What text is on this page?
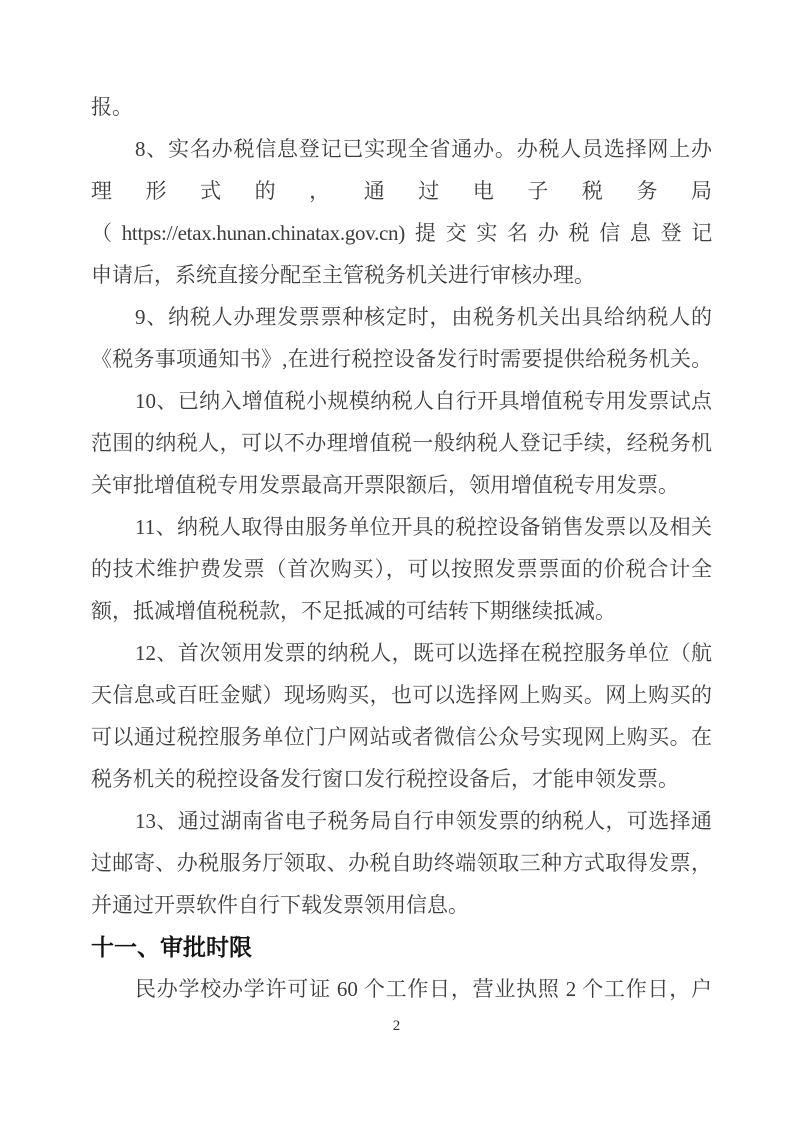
报。
8、实名办税信息登记已实现全省通办。办税人员选择网上办
理形式的，通过电子税务局
（https://etax.hunan.chinatax.gov.cn)提交实名办税信息登记
申请后，系统直接分配至主管税务机关进行审核办理。
9、纳税人办理发票票种核定时，由税务机关出具给纳税人的
《税务事项通知书》,在进行税控设备发行时需要提供给税务机关。
10、已纳入增值税小规模纳税人自行开具增值税专用发票试点
范围的纳税人，可以不办理增值税一般纳税人登记手续，经税务机
关审批增值税专用发票最高开票限额后，领用增值税专用发票。
11、纳税人取得由服务单位开具的税控设备销售发票以及相关
的技术维护费发票（首次购买），可以按照发票票面的价税合计全
额，抵减增值税税款，不足抵减的可结转下期继续抵减。
12、首次领用发票的纳税人，既可以选择在税控服务单位（航
天信息或百旺金赋）现场购买，也可以选择网上购买。网上购买的
可以通过税控服务单位门户网站或者微信公众号实现网上购买。在
税务机关的税控设备发行窗口发行税控设备后，才能申领发票。
13、通过湖南省电子税务局自行申领发票的纳税人，可选择通
过邮寄、办税服务厅领取、办税自助终端领取三种方式取得发票，
并通过开票软件自行下载发票领用信息。
十一、审批时限
民办学校办学许可证 60 个工作日，营业执照 2 个工作日，户
2
